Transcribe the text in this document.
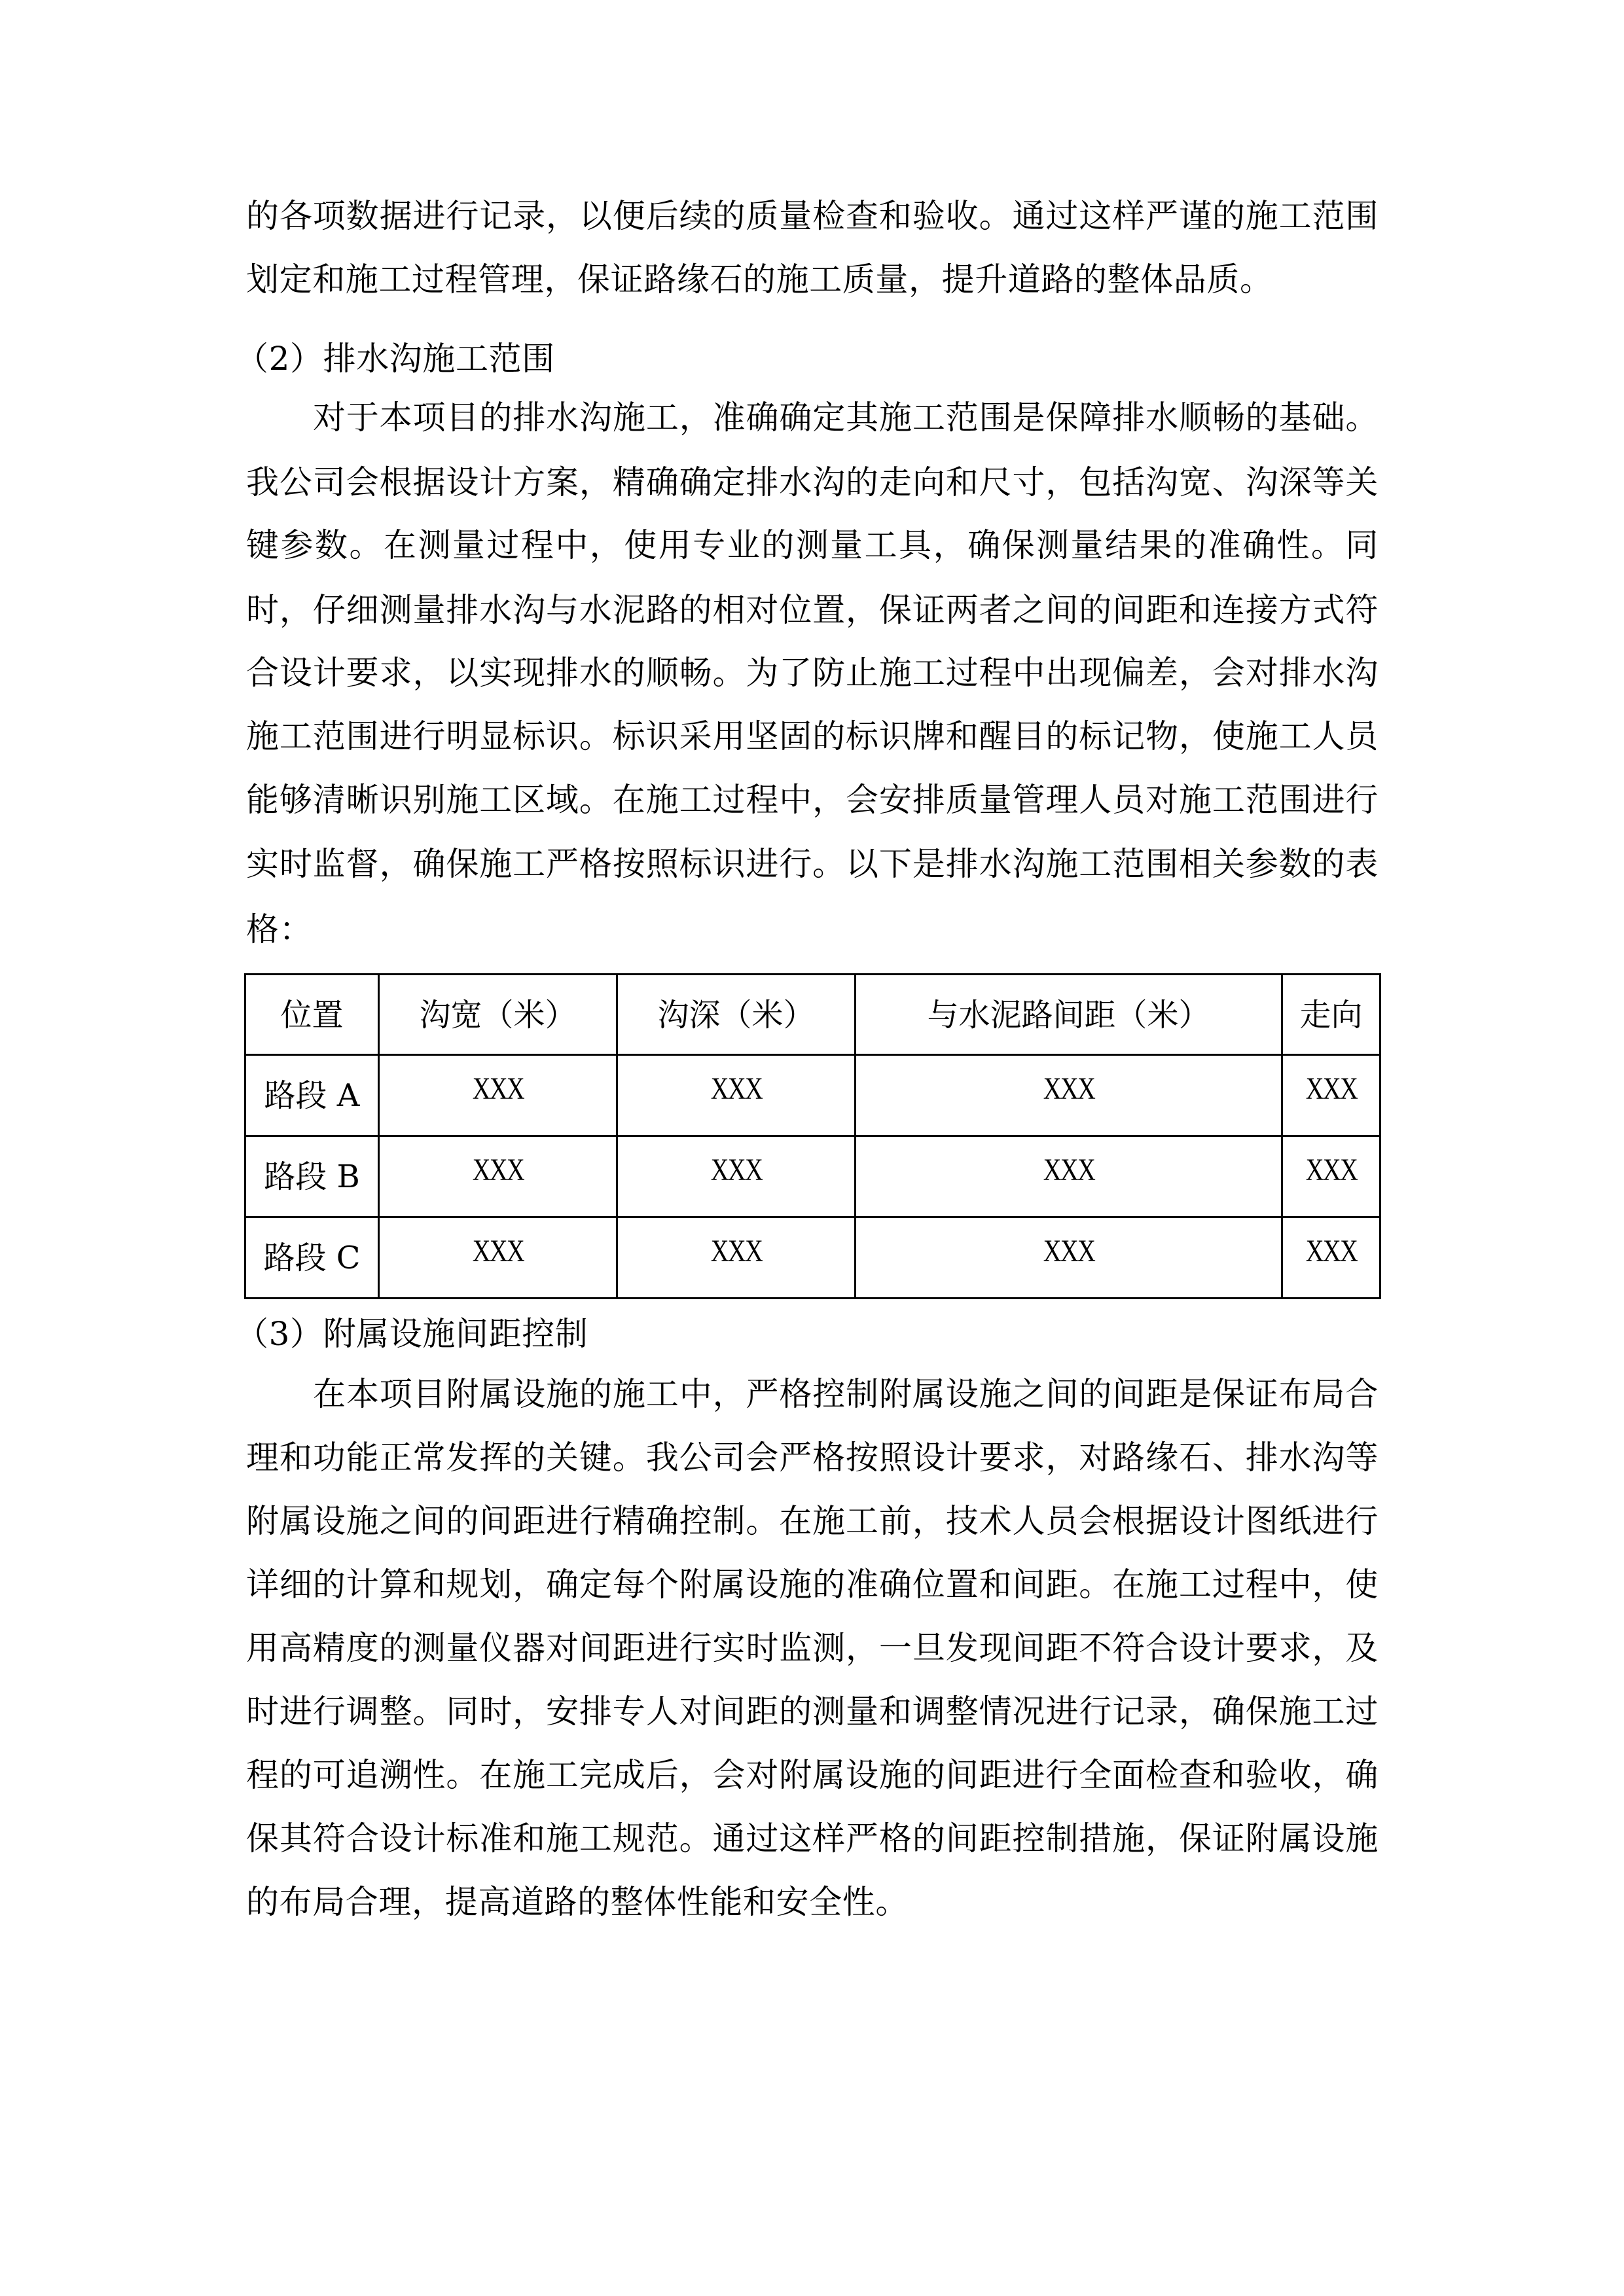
的各项数据进行记录，以便后续的质量检查和验收。通过这样严谨的施工范围
划定和施工过程管理，保证路缘石的施工质量，提升道路的整体品质。
（2）排水沟施工范围
对于本项目的排水沟施工，准确确定其施工范围是保障排水顺畅的基础。
我公司会根据设计方案，精确确定排水沟的走向和尺寸，包括沟宽、沟深等关
键参数。在测量过程中，使用专业的测量工具，确保测量结果的准确性。同
时，仔细测量排水沟与水泥路的相对位置，保证两者之间的间距和连接方式符
合设计要求，以实现排水的顺畅。为了防止施工过程中出现偏差，会对排水沟
施工范围进行明显标识。标识采用坚固的标识牌和醒目的标记物，使施工人员
能够清晰识别施工区域。在施工过程中，会安排质量管理人员对施工范围进行
实时监督，确保施工严格按照标识进行。以下是排水沟施工范围相关参数的表
格：
位置	沟宽（米）	沟深（米）	与水泥路间距（米）	走向
路段 A	XXX	XXX	XXX	XXX
路段 B	XXX	XXX	XXX	XXX
路段 C	XXX	XXX	XXX	XXX
（3）附属设施间距控制
在本项目附属设施的施工中，严格控制附属设施之间的间距是保证布局合
理和功能正常发挥的关键。我公司会严格按照设计要求，对路缘石、排水沟等
附属设施之间的间距进行精确控制。在施工前，技术人员会根据设计图纸进行
详细的计算和规划，确定每个附属设施的准确位置和间距。在施工过程中，使
用高精度的测量仪器对间距进行实时监测，一旦发现间距不符合设计要求，及
时进行调整。同时，安排专人对间距的测量和调整情况进行记录，确保施工过
程的可追溯性。在施工完成后，会对附属设施的间距进行全面检查和验收，确
保其符合设计标准和施工规范。通过这样严格的间距控制措施，保证附属设施
的布局合理，提高道路的整体性能和安全性。
